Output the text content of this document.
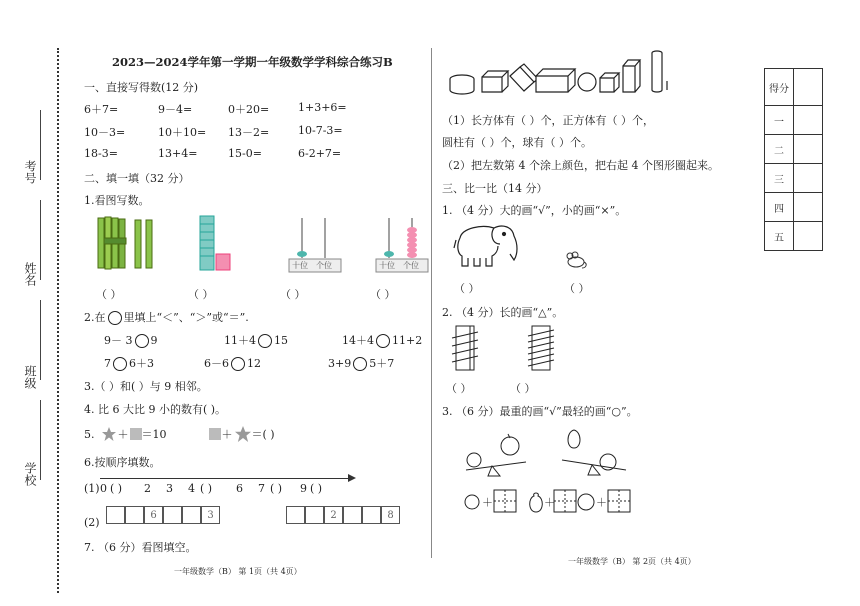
考号
姓名
班级
学校
2023—2024学年第一学期一年级数学学科综合练习B
一、直接写得数(12 分)
6＋7=	9－4=	0＋20=	1+3+6=
10－3=	10＋10=	13－2=	10-7-3=
18-3=	13+4=	15-0=	6-2+7=
二、填一填（32 分）
1.看图写数。
十位 个位	十位 个位
（ ）	（ ）	（ ）	（ ）
2.在 里填上“＜”、“＞”或“＝”.
9－ 3 9	11＋4 15	14＋4 11+2
7 6＋3	6－6 12	3+9 5＋7
3.（ ）和( ）与 9 相邻。
4. 比 6 大比 9 小的数有( )。
5. ＋ ＝10	＋ ＝( )
6.按顺序填数。
(1) 0 ( )	2	3	4 ( )	6	7 ( )	9 ( )
(2)
6	3	2	8
7. （6 分）看图填空。
一年级数学（B） 第 1页（共 4页）
（1）长方体有（ ）个，正方体有（ ）个，
圆柱有（ ）个，球有（ ）个。
（2）把左数第 4 个涂上颜色，把右起 4 个图形圈起来。
三、比一比（14 分）
1. （4 分）大的画“√”，小的画“×”。
（ ）	（ ）
2. （4 分）长的画“△”。
（ ）	（ ）
3. （6 分）最重的画“√”最轻的画“○”。
＋	＋	＋
一年级数学（B） 第 2页（共 4页）
得分	
一	
二	
三	
四	
五	
